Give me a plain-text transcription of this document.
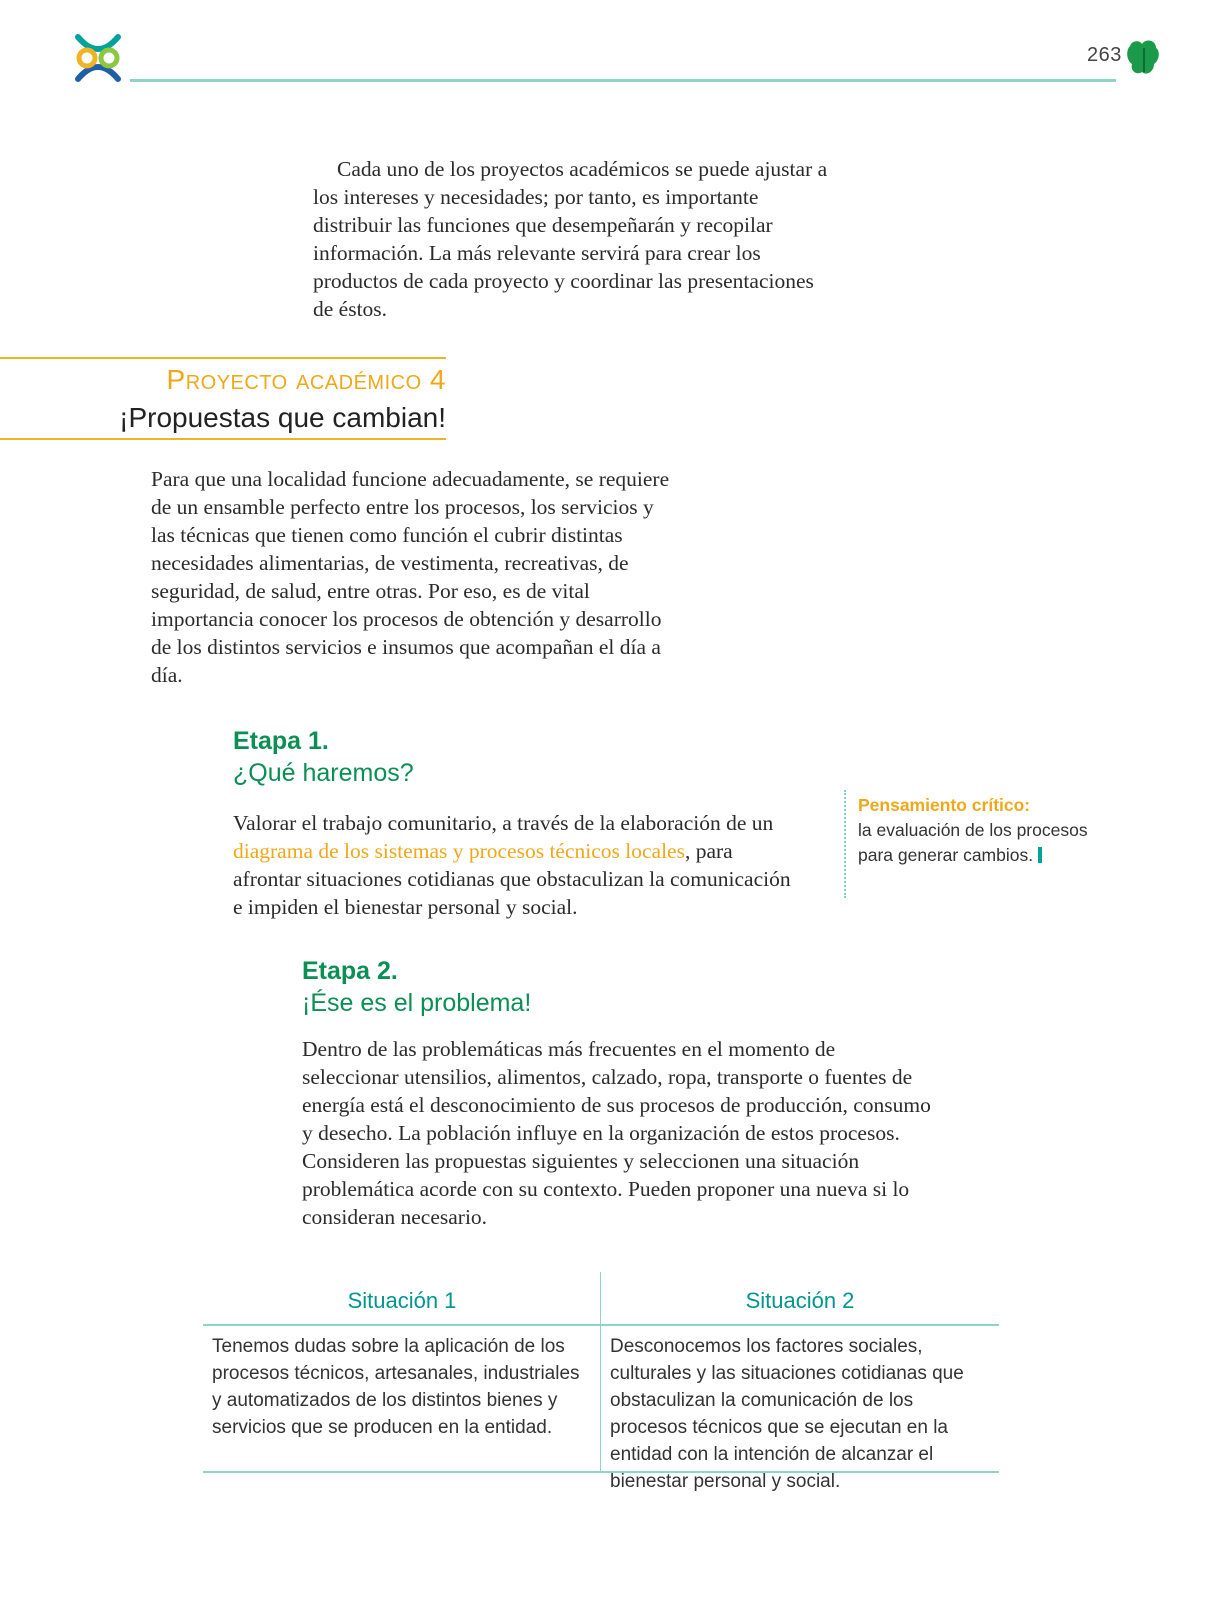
263

Cada uno de los proyectos académicos se puede ajustar a los intereses y necesidades; por tanto, es importante distribuir las funciones que desempeñarán y recopilar información. La más relevante servirá para crear los productos de cada proyecto y coordinar las presentaciones de éstos.

Proyecto académico 4
¡Propuestas que cambian!

Para que una localidad funcione adecuadamente, se requiere de un ensamble perfecto entre los procesos, los servicios y las técnicas que tienen como función el cubrir distintas necesidades alimentarias, de vestimenta, recreativas, de seguridad, de salud, entre otras. Por eso, es de vital importancia conocer los procesos de obtención y desarrollo de los distintos servicios e insumos que acompañan el día a día.

Etapa 1.

¿Qué haremos?

Valorar el trabajo comunitario, a través de la elaboración de un diagrama de los sistemas y procesos técnicos locales, para afrontar situaciones cotidianas que obstaculizan la comunicación e impiden el bienestar personal y social.

Pensamiento crítico:
la evaluación de los procesos para generar cambios.

Etapa 2.

¡Ése es el problema!

Dentro de las problemáticas más frecuentes en el momento de seleccionar utensilios, alimentos, calzado, ropa, transporte o fuentes de energía está el desconocimiento de sus procesos de producción, consumo y desecho. La población influye en la organización de estos procesos. Consideren las propuestas siguientes y seleccionen una situación problemática acorde con su contexto. Pueden proponer una nueva si lo consideran necesario.

Situación 1	Situación 2
Tenemos dudas sobre la aplicación de los procesos técnicos, artesanales, industriales y automatizados de los distintos bienes y servicios que se producen en la entidad.
Desconocemos los factores sociales, culturales y las situaciones cotidianas que obstaculizan la comunicación de los procesos técnicos que se ejecutan en la entidad con la intención de alcanzar el bienestar personal y social.
